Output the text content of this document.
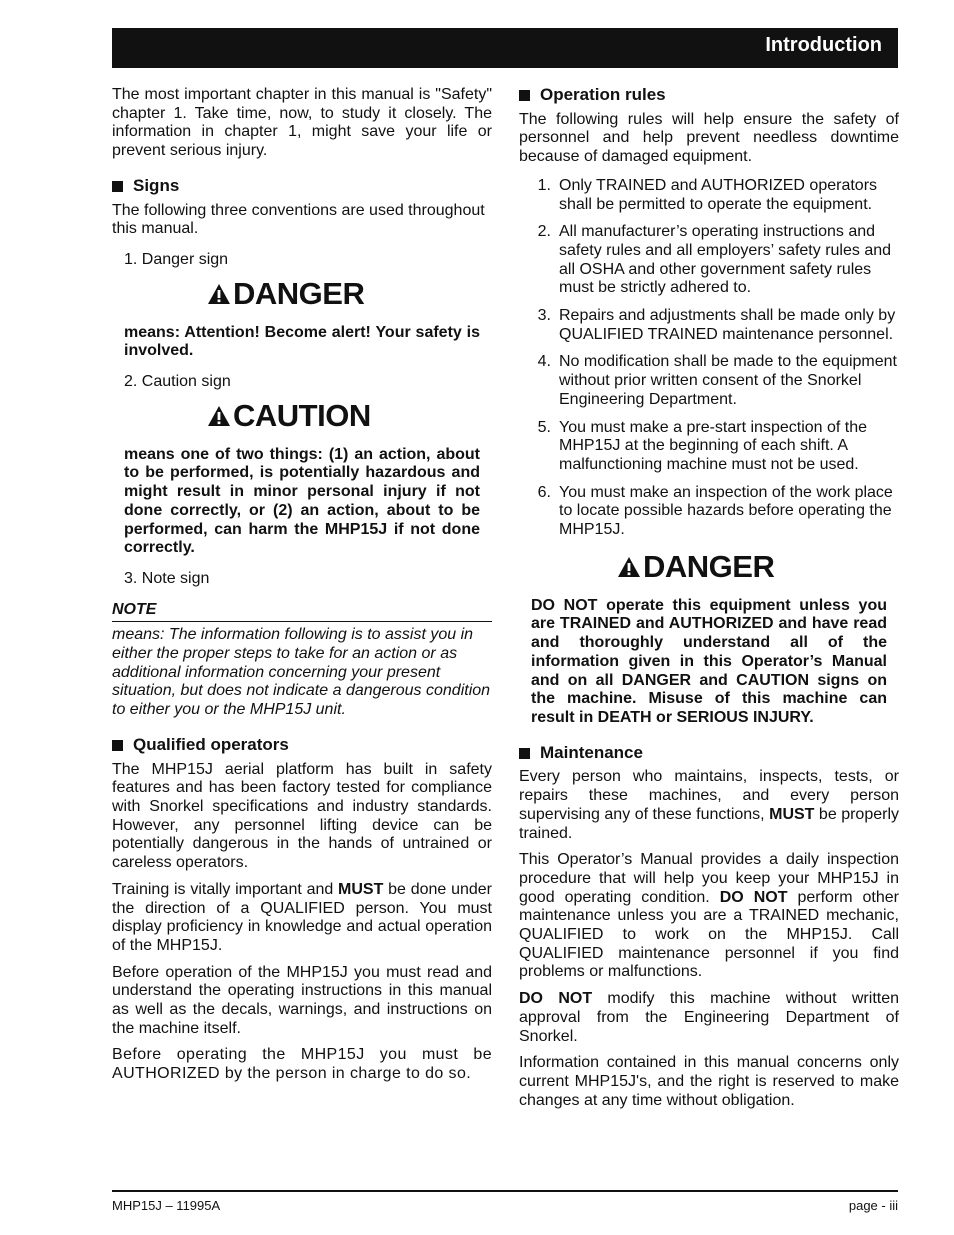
Introduction

The most important chapter in this manual is "Safety" chapter 1. Take time, now, to study it closely. The information in chapter 1, might save your life or prevent serious injury.

Signs

The following three conventions are used throughout this manual.

1. Danger sign
DANGER

means: Attention! Become alert! Your safety is involved.

2. Caution sign
CAUTION

means one of two things: (1) an action, about to be performed, is potentially hazardous and might result in minor personal injury if not done correctly, or (2) an action, about to be performed, can harm the MHP15J if not done correctly.

3. Note sign
NOTE

means: The information following is to assist you in either the proper steps to take for an action or as additional information concerning your present situation, but does not indicate a dangerous condition to either you or the MHP15J unit.

Qualified operators

The MHP15J aerial platform has built in safety features and has been factory tested for compliance with Snorkel specifications and industry standards. However, any personnel lifting device can be potentially dangerous in the hands of untrained or careless operators.

Training is vitally important and MUST be done under the direction of a QUALIFIED person. You must display proficiency in knowledge and actual operation of the MHP15J.

Before operation of the MHP15J you must read and understand the operating instructions in this manual as well as the decals, warnings, and instructions on the machine itself.

Before operating the MHP15J you must be AUTHORIZED by the person in charge to do so.

Operation rules

The following rules will help ensure the safety of personnel and help prevent needless downtime because of damaged equipment.

1. Only TRAINED and AUTHORIZED operators shall be permitted to operate the equipment.
2. All manufacturer’s operating instructions and safety rules and all employers’ safety rules and all OSHA and other government safety rules must be strictly adhered to.
3. Repairs and adjustments shall be made only by QUALIFIED TRAINED maintenance personnel.
4. No modification shall be made to the equipment without prior written consent of the Snorkel Engineering Department.
5. You must make a pre-start inspection of the MHP15J at the beginning of each shift. A malfunctioning machine must not be used.
6. You must make an inspection of the work place to locate possible hazards before operating the MHP15J.
DANGER

DO NOT operate this equipment unless you are TRAINED and AUTHORIZED and have read and thoroughly understand all of the information given in this Operator’s Manual and on all DANGER and CAUTION signs on the machine. Misuse of this machine can result in DEATH or SERIOUS INJURY.

Maintenance

Every person who maintains, inspects, tests, or repairs these machines, and every person supervising any of these functions, MUST be properly trained.

This Operator’s Manual provides a daily inspection procedure that will help you keep your MHP15J in good operating condition. DO NOT perform other maintenance unless you are a TRAINED mechanic, QUALIFIED to work on the MHP15J. Call QUALIFIED maintenance personnel if you find problems or malfunctions.

DO NOT modify this machine without written approval from the Engineering Department of Snorkel.

Information contained in this manual concerns only current MHP15J's, and the right is reserved to make changes at any time without obligation.

MHP15J – 11995A	page - iii
